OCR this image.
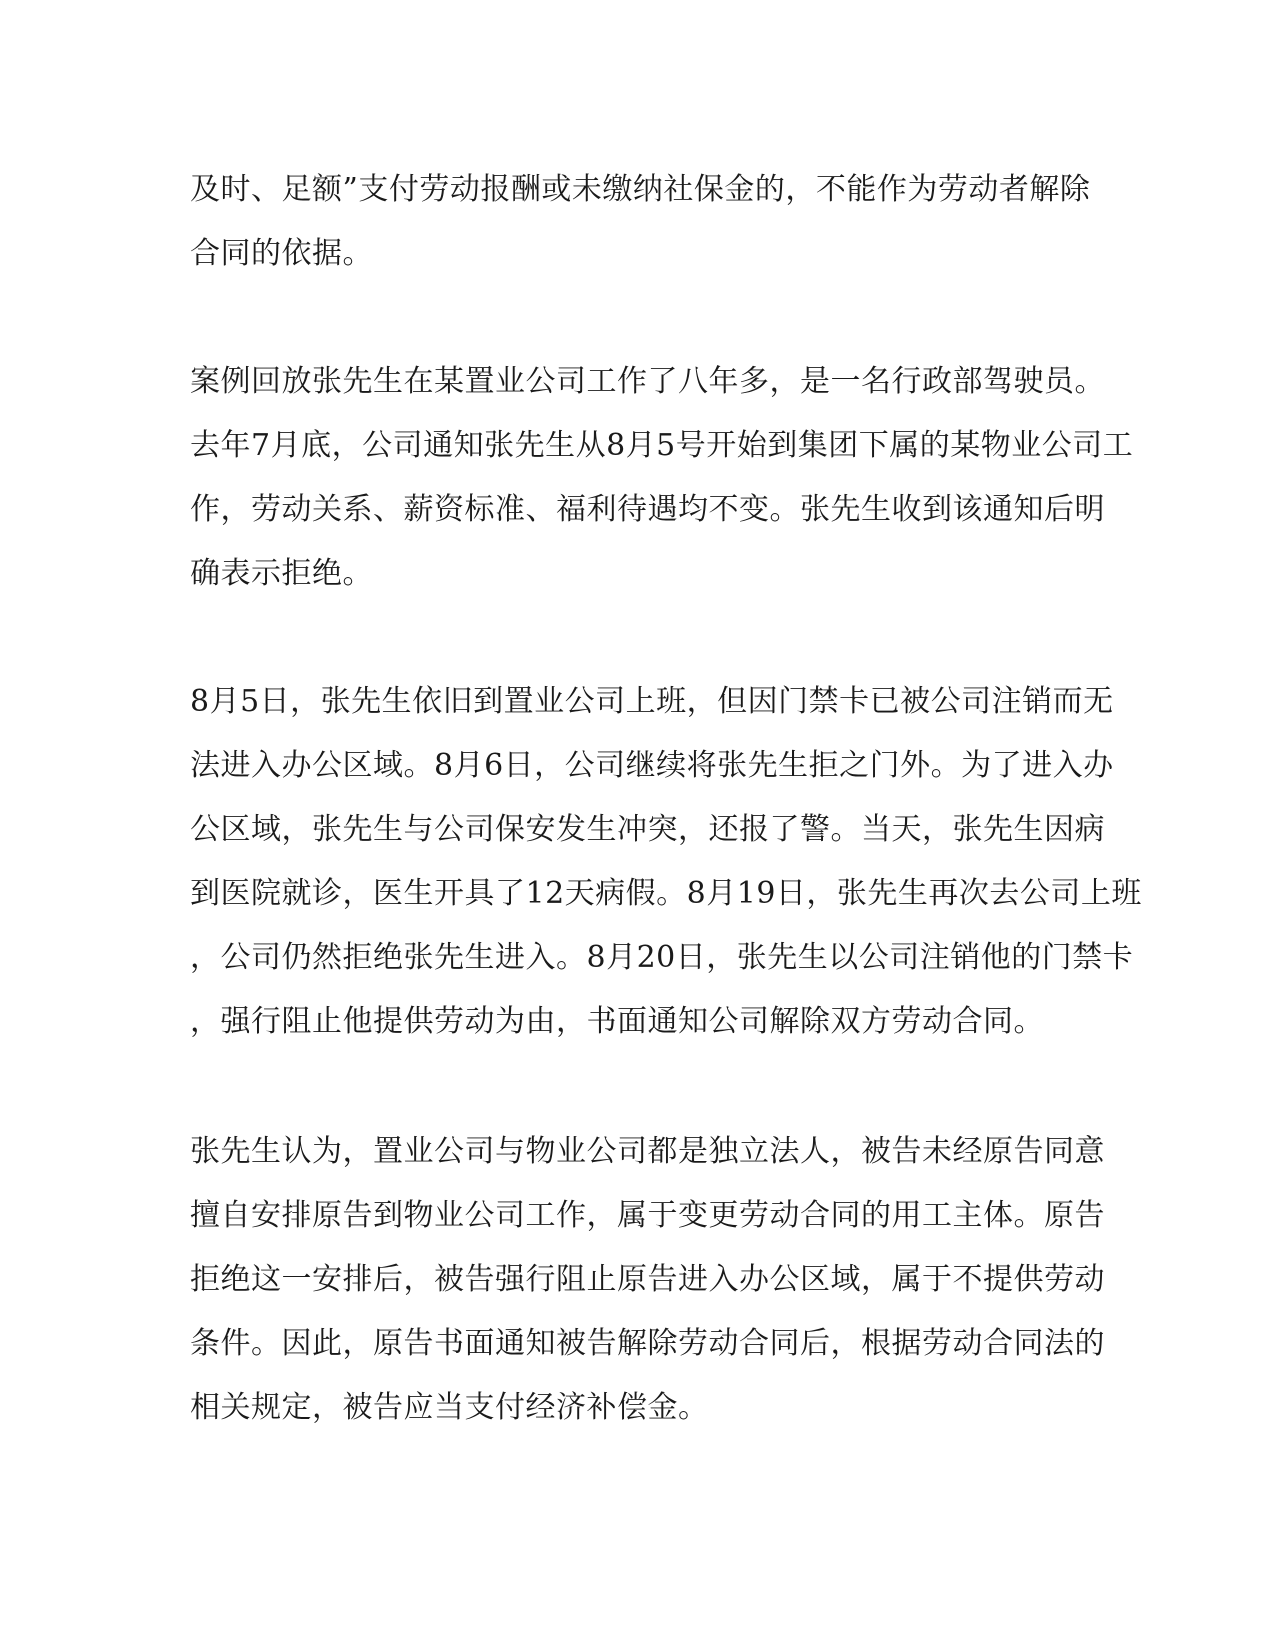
及时、足额”支付劳动报酬或未缴纳社保金的，不能作为劳动者解除
合同的依据。
案例回放张先生在某置业公司工作了八年多，是一名行政部驾驶员。
去年7月底，公司通知张先生从8月5号开始到集团下属的某物业公司工
作，劳动关系、薪资标准、福利待遇均不变。张先生收到该通知后明
确表示拒绝。
8月5日，张先生依旧到置业公司上班，但因门禁卡已被公司注销而无
法进入办公区域。8月6日，公司继续将张先生拒之门外。为了进入办
公区域，张先生与公司保安发生冲突，还报了警。当天，张先生因病
到医院就诊，医生开具了12天病假。8月19日，张先生再次去公司上班
，公司仍然拒绝张先生进入。8月20日，张先生以公司注销他的门禁卡
，强行阻止他提供劳动为由，书面通知公司解除双方劳动合同。
张先生认为，置业公司与物业公司都是独立法人，被告未经原告同意
擅自安排原告到物业公司工作，属于变更劳动合同的用工主体。原告
拒绝这一安排后，被告强行阻止原告进入办公区域，属于不提供劳动
条件。因此，原告书面通知被告解除劳动合同后，根据劳动合同法的
相关规定，被告应当支付经济补偿金。
